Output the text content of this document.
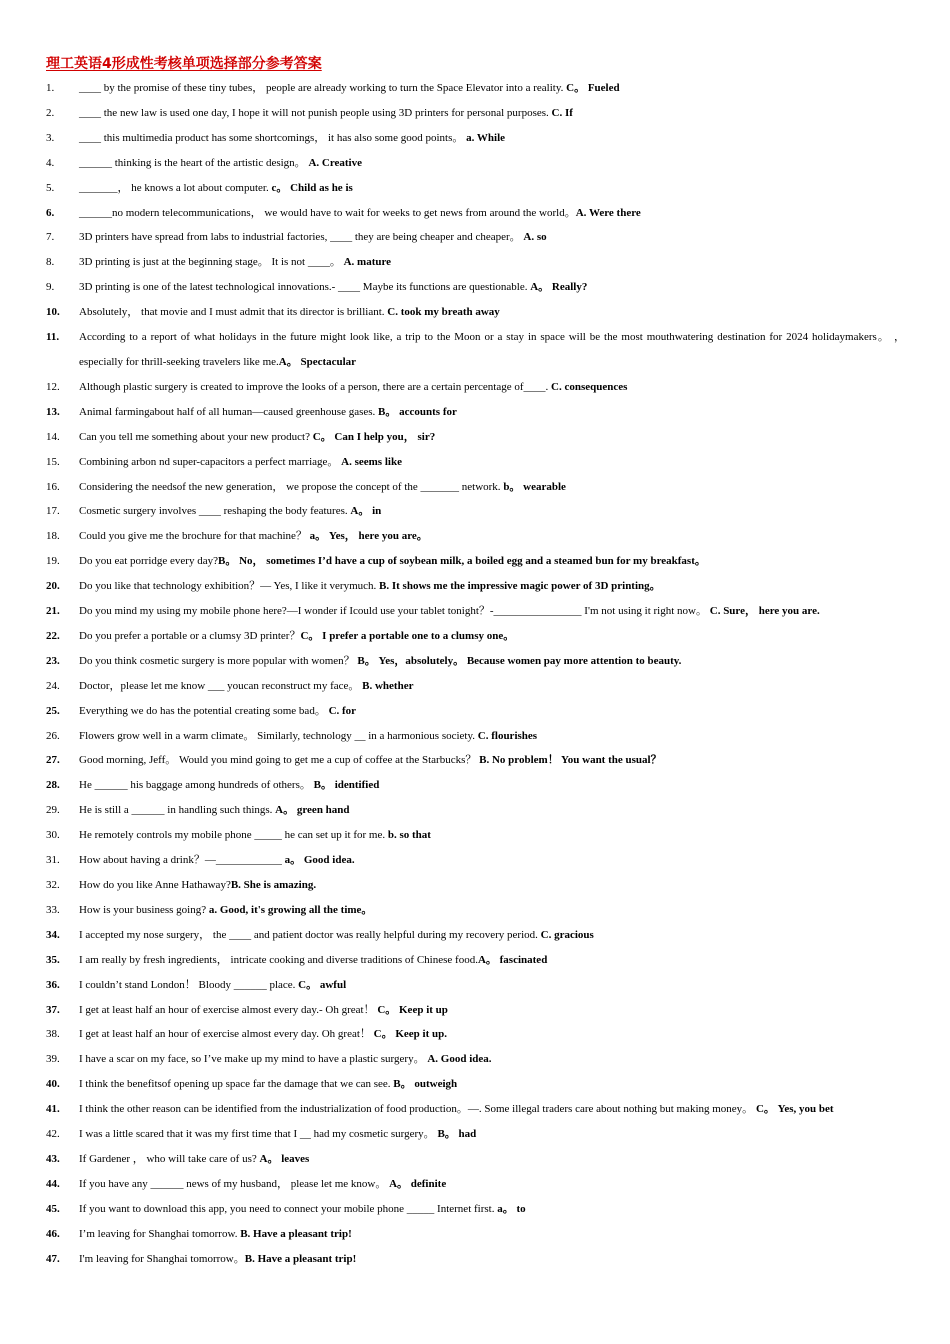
理工英语4形成性考核单项选择部分参考答案
1.	____ by the promise of these tiny tubes， people are already working to turn the Space Elevator into a reality. C。 Fueled
2.	____ the new law is used one day, I hope it will not punish people using 3D printers for personal purposes. C. If
3.	____ this multimedia product has some shortcomings， it has also some good points。 a. While
4.	______ thinking is the heart of the artistic design。 A. Creative
5.	_______， he knows a lot about computer. c。 Child as he is
6.	______no modern telecommunications， we would have to wait for weeks to get news from around the world。A. Were there
7.	3D printers have spread from labs to industrial factories, ____ they are being cheaper and cheaper。 A. so
8.	3D printing is just at the beginning stage。 It is not ____。 A. mature
9.	3D printing is one of the latest technological innovations.- ____ Maybe its functions are questionable. A。 Really?
10.	Absolutely， that movie and I must admit that its director is brilliant. C. took my breath away
11.	According to a report of what holidays in the future might look like, a trip to the Moon or a stay in space will be the most mouthwatering destination for 2024 holidaymakers。 ， especially for thrill-seeking travelers like me.A。 Spectacular
12.	Although plastic surgery is created to improve the looks of a person, there are a certain percentage of____. C. consequences
13.	Animal farmingabout half of all human—caused greenhouse gases. B。 accounts for
14.	Can you tell me something about your new product? C。 Can I help you， sir?
15.	Combining arbon nd super-capacitors a perfect marriage。 A. seems like
16.	Considering the needsof the new generation， we propose the concept of the _______ network. b。 wearable
17.	Cosmetic surgery involves ____ reshaping the body features. A。 in
18.	Could you give me the brochure for that machine？ a。 Yes， here you are。
19.	Do you eat porridge every day?B。 No， sometimes I’d have a cup of soybean milk, a boiled egg and a steamed bun for my breakfast。
20.	Do you like that technology exhibition？— Yes, I like it verymuch. B. It shows me the impressive magic power of 3D printing。
21.	Do you mind my using my mobile phone here?—I wonder if Icould use your tablet tonight？-________________ I'm not using it right now。 C. Sure， here you are.
22.	Do you prefer a portable or a clumsy 3D printer？C。 I prefer a portable one to a clumsy one。
23.	Do you think cosmetic surgery is more popular with women？ B。 Yes，absolutely。 Because women pay more attention to beauty.
24.	Doctor，please let me know ___ youcan reconstruct my face。 B. whether
25.	Everything we do has the potential creating some bad。 C. for
26.	Flowers grow well in a warm climate。 Similarly, technology __ in a harmonious society. C. flourishes
27.	Good morning, Jeff。 Would you mind going to get me a cup of coffee at the Starbucks？ B. No problem！ You want the usual？
28.	He ______ his baggage among hundreds of others。 B。 identified
29.	He is still a ______ in handling such things. A。 green hand
30.	He remotely controls my mobile phone _____ he can set up it for me. b. so that
31.	How about having a drink？—____________ a。 Good idea.
32.	How do you like Anne Hathaway?B. She is amazing.
33.	How is your business going? a. Good, it's growing all the time。
34.	I accepted my nose surgery， the ____ and patient doctor was really helpful during my recovery period. C. gracious
35.	I am really by fresh ingredients， intricate cooking and diverse traditions of Chinese food.A。 fascinated
36.	I couldn’t stand London！ Bloody ______ place. C。 awful
37.	I get at least half an hour of exercise almost every day.- Oh great！ C。 Keep it up
38.	I get at least half an hour of exercise almost every day. Oh great！ C。 Keep it up.
39.	I have a scar on my face, so I’ve make up my mind to have a plastic surgery。 A. Good idea.
40.	I think the benefitsof opening up space far the damage that we can see. B。 outweigh
41.	I think the other reason can be identified from the industrialization of food production。—. Some illegal traders care about nothing but making money。 C。 Yes, you bet
42.	I was a little scared that it was my first time that I __ had my cosmetic surgery。 B。 had
43.	If Gardener ， who will take care of us? A。 leaves
44.	If you have any ______ news of my husband， please let me know。 A。 definite
45.	If you want to download this app, you need to connect your mobile phone _____ Internet first. a。 to
46.	I’m leaving for Shanghai tomorrow. B. Have a pleasant trip!
47.	I'm leaving for Shanghai tomorrow。B. Have a pleasant trip!
